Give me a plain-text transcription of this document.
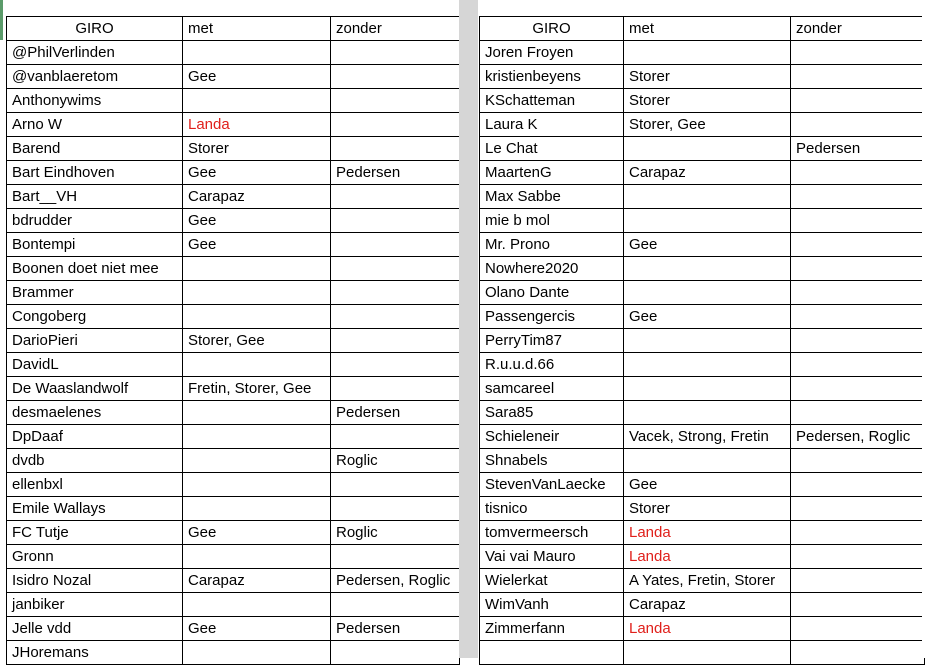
GIRO	met	zonder
@PhilVerlinden		
@vanblaeretom	Gee	
Anthonywims		
Arno W	Landa	
Barend	Storer	
Bart Eindhoven	Gee	Pedersen
Bart__VH	Carapaz	
bdrudder	Gee	
Bontempi	Gee	
Boonen doet niet mee		
Brammer		
Congoberg		
DarioPieri	Storer, Gee	
DavidL		
De Waaslandwolf	Fretin, Storer, Gee	
desmaelenes		Pedersen
DpDaaf		
dvdb		Roglic
ellenbxl		
Emile Wallays		
FC Tutje	Gee	Roglic
Gronn		
Isidro Nozal	Carapaz	Pedersen, Roglic
janbiker		
Jelle vdd	Gee	Pedersen
JHoremans		
GIRO	met	zonder
Joren Froyen		
kristienbeyens	Storer	
KSchatteman	Storer	
Laura K	Storer, Gee	
Le Chat		Pedersen
MaartenG	Carapaz	
Max Sabbe		
mie b mol		
Mr. Prono	Gee	
Nowhere2020		
Olano Dante		
Passengercis	Gee	
PerryTim87		
R.u.u.d.66		
samcareel		
Sara85		
Schieleneir	Vacek, Strong, Fretin	Pedersen, Roglic
Shnabels		
StevenVanLaecke	Gee	
tisnico	Storer	
tomvermeersch	Landa	
Vai vai Mauro	Landa	
Wielerkat	A Yates, Fretin, Storer	
WimVanh	Carapaz	
Zimmerfann	Landa	
